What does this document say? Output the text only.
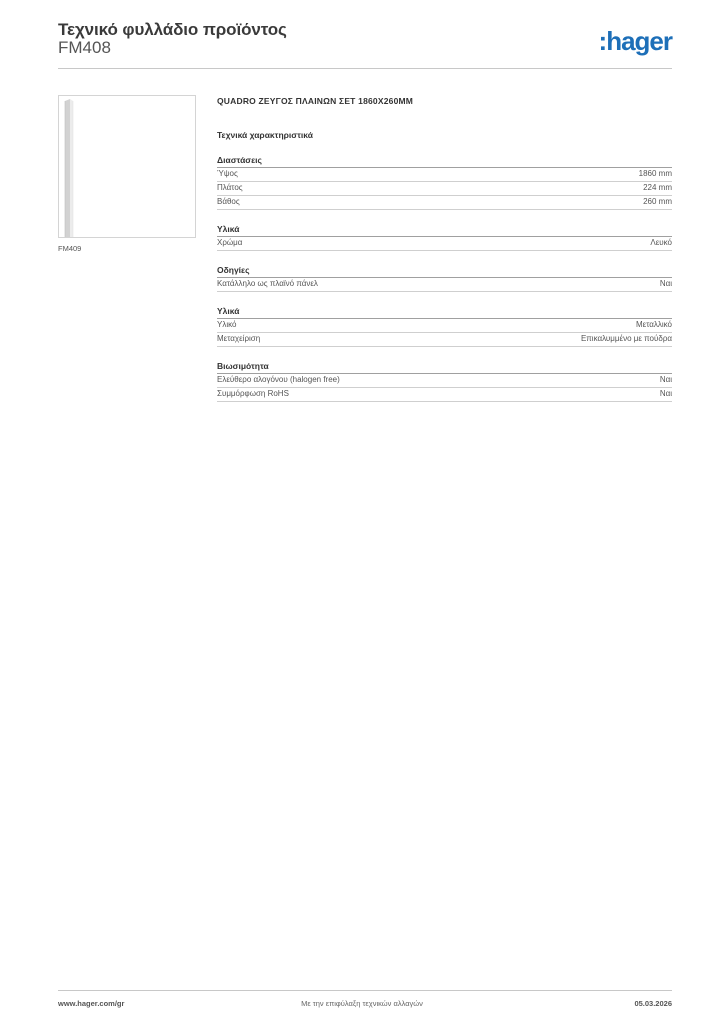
Τεχνικό φυλλάδιο προϊόντος
FM408	:hager
FM409
QUADRO ΖΕΥΓΟΣ ΠΛΑΙΝΩΝ ΣΕΤ 1860X260MM
Τεχνικά χαρακτηριστικά
Διαστάσεις
Ύψος	1860 mm
Πλάτος	224 mm
Βάθος	260 mm
Υλικά
Χρώμα	Λευκό
Οδηγίες
Κατάλληλο ως πλαϊνό πάνελ	Ναι
Υλικά
Υλικό	Μεταλλικό
Μεταχείριση	Επικαλυμμένο με πούδρα
Βιωσιμότητα
Ελεύθερο αλογόνου (halogen free)	Ναι
Συμμόρφωση RoHS	Ναι
www.hager.com/gr	Με την επιφύλαξη τεχνικών αλλαγών	05.03.2026
